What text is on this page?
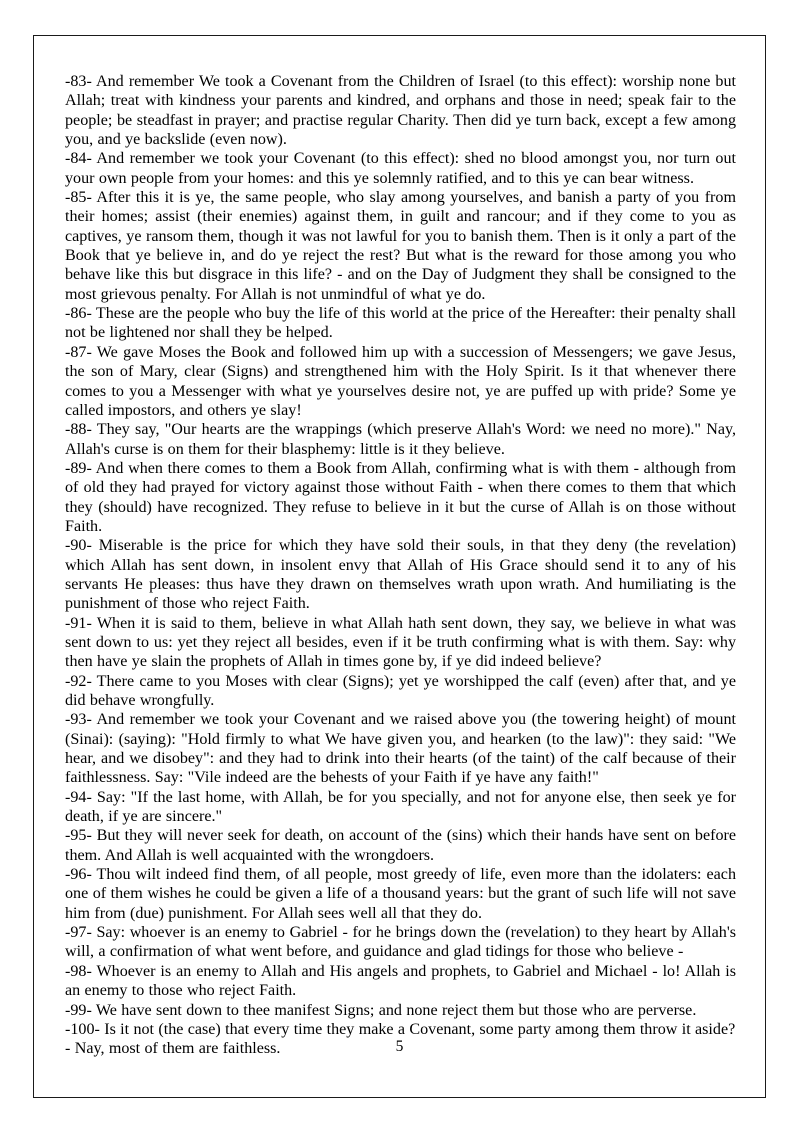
-83- And remember We took a Covenant from the Children of Israel (to this effect): worship none but Allah; treat with kindness your parents and kindred, and orphans and those in need; speak fair to the people; be steadfast in prayer; and practise regular Charity. Then did ye turn back, except a few among you, and ye backslide (even now).

-84- And remember we took your Covenant (to this effect): shed no blood amongst you, nor turn out your own people from your homes: and this ye solemnly ratified, and to this ye can bear witness.

-85- After this it is ye, the same people, who slay among yourselves, and banish a party of you from their homes; assist (their enemies) against them, in guilt and rancour; and if they come to you as captives, ye ransom them, though it was not lawful for you to banish them. Then is it only a part of the Book that ye believe in, and do ye reject the rest? But what is the reward for those among you who behave like this but disgrace in this life? - and on the Day of Judgment they shall be consigned to the most grievous penalty. For Allah is not unmindful of what ye do.

-86- These are the people who buy the life of this world at the price of the Hereafter: their penalty shall not be lightened nor shall they be helped.

-87- We gave Moses the Book and followed him up with a succession of Messengers; we gave Jesus, the son of Mary, clear (Signs) and strengthened him with the Holy Spirit. Is it that whenever there comes to you a Messenger with what ye yourselves desire not, ye are puffed up with pride? Some ye called impostors, and others ye slay!

-88- They say, "Our hearts are the wrappings (which preserve Allah's Word: we need no more)." Nay, Allah's curse is on them for their blasphemy: little is it they believe.

-89- And when there comes to them a Book from Allah, confirming what is with them - although from of old they had prayed for victory against those without Faith - when there comes to them that which they (should) have recognized. They refuse to believe in it but the curse of Allah is on those without Faith.

-90- Miserable is the price for which they have sold their souls, in that they deny (the revelation) which Allah has sent down, in insolent envy that Allah of His Grace should send it to any of his servants He pleases: thus have they drawn on themselves wrath upon wrath. And humiliating is the punishment of those who reject Faith.

-91- When it is said to them, believe in what Allah hath sent down, they say, we believe in what was sent down to us: yet they reject all besides, even if it be truth confirming what is with them. Say: why then have ye slain the prophets of Allah in times gone by, if ye did indeed believe?

-92- There came to you Moses with clear (Signs); yet ye worshipped the calf (even) after that, and ye did behave wrongfully.

-93- And remember we took your Covenant and we raised above you (the towering height) of mount (Sinai): (saying): "Hold firmly to what We have given you, and hearken (to the law)": they said: "We hear, and we disobey": and they had to drink into their hearts (of the taint) of the calf because of their faithlessness. Say: "Vile indeed are the behests of your Faith if ye have any faith!"

-94- Say: "If the last home, with Allah, be for you specially, and not for anyone else, then seek ye for death, if ye are sincere."

-95- But they will never seek for death, on account of the (sins) which their hands have sent on before them. And Allah is well acquainted with the wrongdoers.

-96- Thou wilt indeed find them, of all people, most greedy of life, even more than the idolaters: each one of them wishes he could be given a life of a thousand years: but the grant of such life will not save him from (due) punishment. For Allah sees well all that they do.

-97- Say: whoever is an enemy to Gabriel - for he brings down the (revelation) to they heart by Allah's will, a confirmation of what went before, and guidance and glad tidings for those who believe -

-98- Whoever is an enemy to Allah and His angels and prophets, to Gabriel and Michael - lo! Allah is an enemy to those who reject Faith.

-99- We have sent down to thee manifest Signs; and none reject them but those who are perverse.

-100- Is it not (the case) that every time they make a Covenant, some party among them throw it aside? - Nay, most of them are faithless.	5
